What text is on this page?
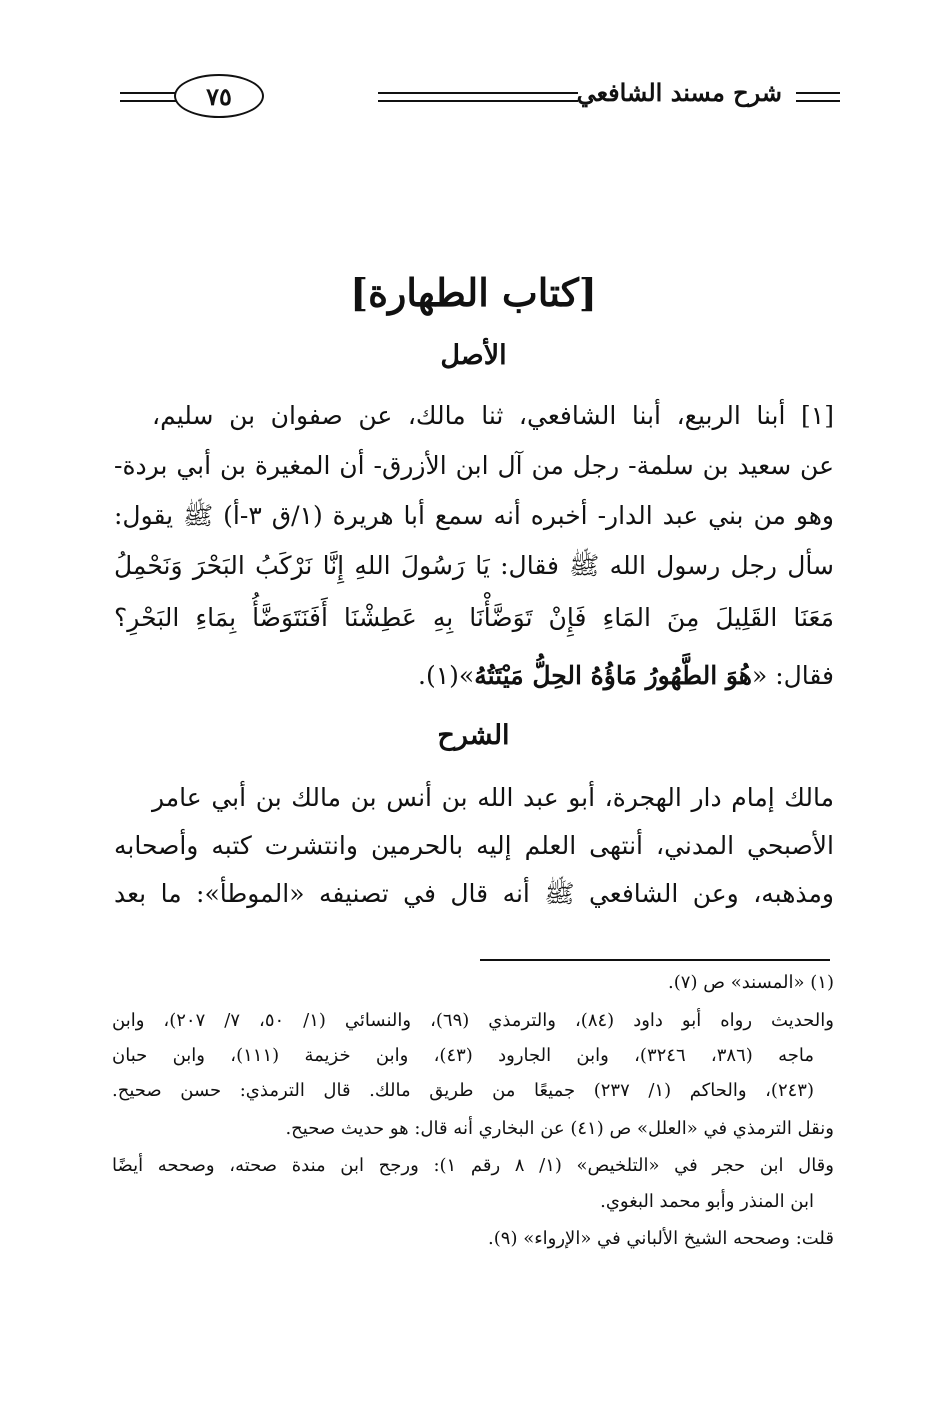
شرح مسند الشافعي
٧٥
[كتاب الطهارة]
الأصل
[١] أبنا الربيع، أبنا الشافعي، ثنا مالك، عن صفوان بن سليم،
عن سعيد بن سلمة- رجل من آل ابن الأزرق- أن المغيرة بن أبي بردة-
وهو من بني عبد الدار- أخبره أنه سمع أبا هريرة (١/ق ٣-أ) ﷺ يقول:
سأل رجل رسول الله ﷺ فقال: يَا رَسُولَ اللهِ إِنَّا نَرْكَبُ البَحْرَ وَنَحْمِلُ
مَعَنَا القَلِيلَ مِنَ المَاءِ فَإِنْ تَوَضَّأْنَا بِهِ عَطِشْنَا أَفَنَتَوَضَّأُ بِمَاءِ البَحْرِ؟
فقال: «هُوَ الطَّهُورُ مَاؤُهُ الحِلُّ مَيْتَتُهُ»(١).
الشرح
مالك إمام دار الهجرة، أبو عبد الله بن أنس بن مالك بن أبي عامر
الأصبحي المدني، أنتهى العلم إليه بالحرمين وانتشرت كتبه وأصحابه
ومذهبه، وعن الشافعي ﷺ أنه قال في تصنيفه «الموطأ»: ما بعد
(١) «المسند» ص (٧).
والحديث رواه أبو داود (٨٤)، والترمذي (٦٩)، والنسائي (١/ ٥٠، ٧/ ٢٠٧)، وابن
ماجه (٣٨٦، ٣٢٤٦)، وابن الجارود (٤٣)، وابن خزيمة (١١١)، وابن حبان
(٢٤٣)، والحاكم (١/ ٢٣٧) جميعًا من طريق مالك. قال الترمذي: حسن صحيح.
ونقل الترمذي في «العلل» ص (٤١) عن البخاري أنه قال: هو حديث صحيح.
وقال ابن حجر في «التلخيص» (١/ ٨ رقم ١): ورجح ابن مندة صحته، وصححه أيضًا
ابن المنذر وأبو محمد البغوي.
قلت: وصححه الشيخ الألباني في «الإرواء» (٩).
